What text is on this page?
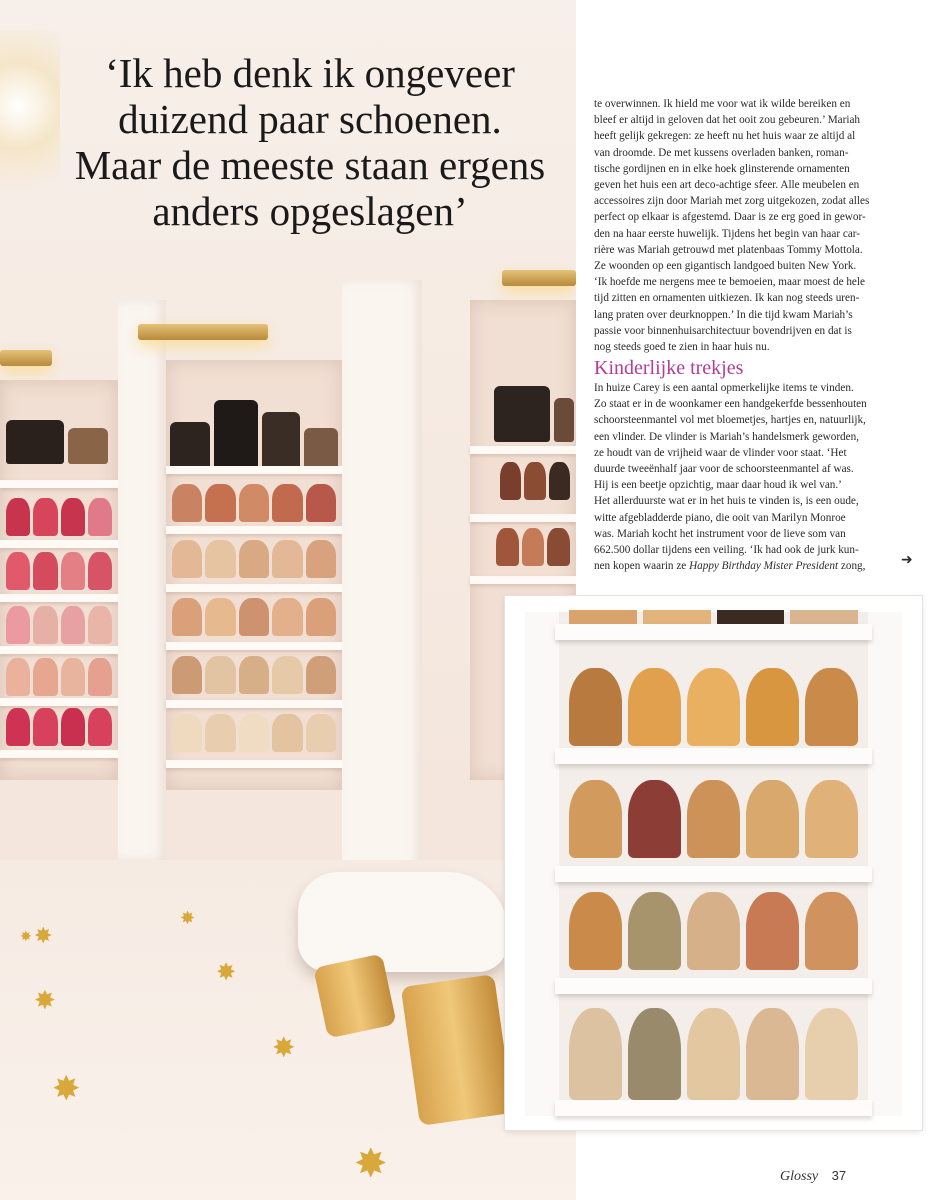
✸
✸
✸
✸
✸
✸
✸
✸
‘Ik heb denk ik ongeveer
duizend paar schoenen.
Maar de meeste staan ergens
anders opgeslagen’

te overwinnen. Ik hield me voor wat ik wilde bereiken en

bleef er altijd in geloven dat het ooit zou gebeuren.’ Mariah

heeft gelijk gekregen: ze heeft nu het huis waar ze altijd al

van droomde. De met kussens overladen banken, roman-

tische gordijnen en in elke hoek glinsterende ornamenten

geven het huis een art deco-achtige sfeer. Alle meubelen en

accessoires zijn door Mariah met zorg uitgekozen, zodat alles

perfect op elkaar is afgestemd. Daar is ze erg goed in gewor-

den na haar eerste huwelijk. Tijdens het begin van haar car-

rière was Mariah getrouwd met platenbaas Tommy Mottola.

Ze woonden op een gigantisch landgoed buiten New York.

‘Ik hoefde me nergens mee te bemoeien, maar moest de hele

tijd zitten en ornamenten uitkiezen. Ik kan nog steeds uren-

lang praten over deurknoppen.’ In die tijd kwam Mariah’s

passie voor binnenhuisarchitectuur bovendrijven en dat is

nog steeds goed te zien in haar huis nu.

Kinderlijke trekjes

In huize Carey is een aantal opmerkelijke items te vinden.

Zo staat er in de woonkamer een handgekerfde bessenhouten

schoorsteenmantel vol met bloemetjes, hartjes en, natuurlijk,

een vlinder. De vlinder is Mariah’s handelsmerk geworden,

ze houdt van de vrijheid waar de vlinder voor staat. ‘Het

duurde tweeënhalf jaar voor de schoorsteenmantel af was.

Hij is een beetje opzichtig, maar daar houd ik wel van.’

Het allerduurste wat er in het huis te vinden is, is een oude,

witte afgebladderde piano, die ooit van Marilyn Monroe

was. Mariah kocht het instrument voor de lieve som van

662.500 dollar tijdens een veiling. ‘Ik had ook de jurk kun-

nen kopen waarin ze Happy Birthday Mister President zong,	➜
Glossy 37
